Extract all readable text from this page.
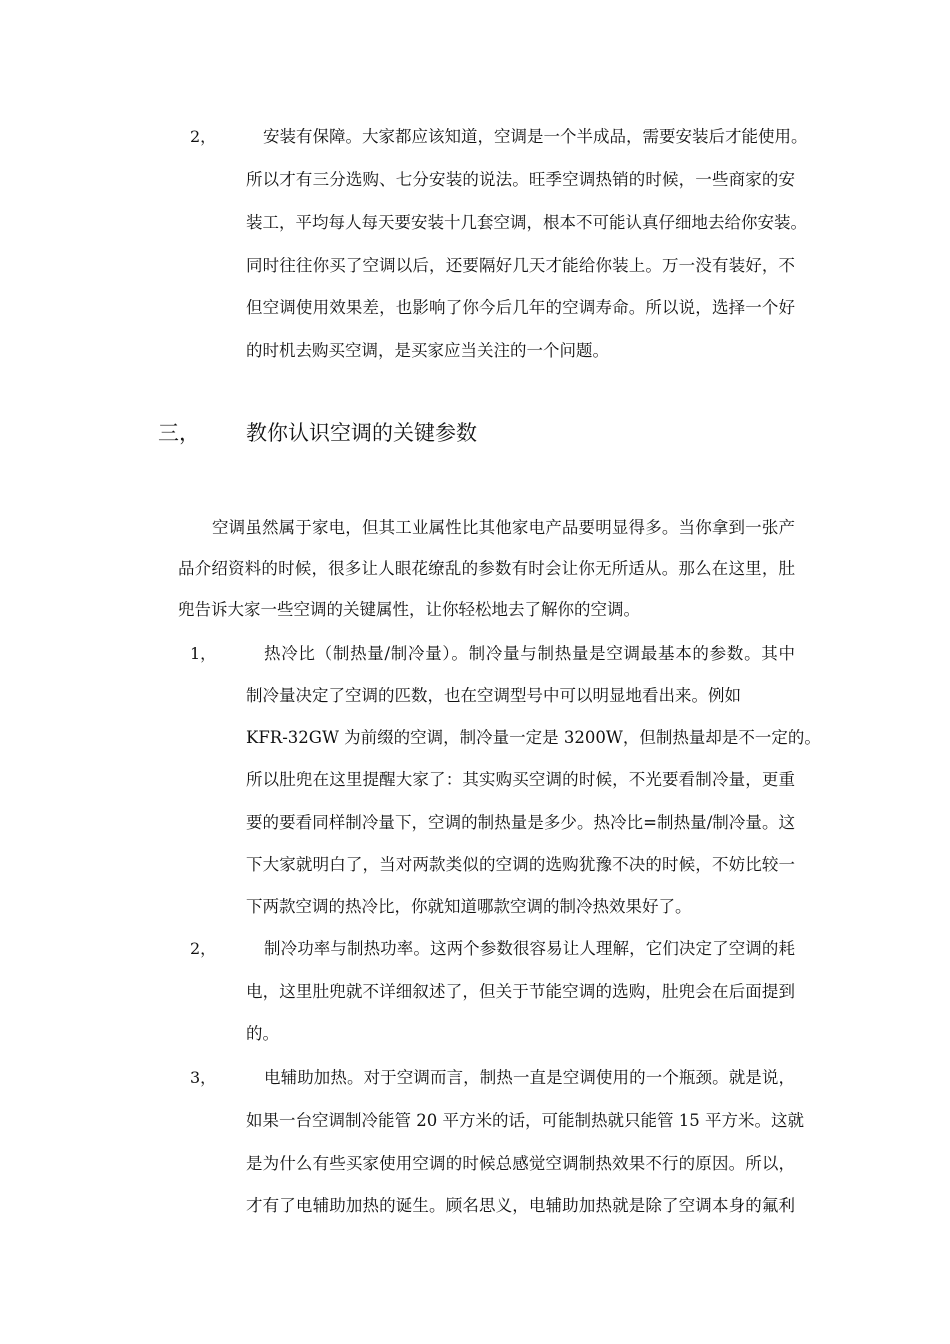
2，	安装有保障。大家都应该知道，空调是一个半成品，需要安装后才能使用。
所以才有三分选购、七分安装的说法。旺季空调热销的时候，一些商家的安
装工，平均每人每天要安装十几套空调，根本不可能认真仔细地去给你安装。
同时往往你买了空调以后，还要隔好几天才能给你装上。万一没有装好，不
但空调使用效果差，也影响了你今后几年的空调寿命。所以说，选择一个好
的时机去购买空调，是买家应当关注的一个问题。
三， 教你认识空调的关键参数
空调虽然属于家电，但其工业属性比其他家电产品要明显得多。当你拿到一张产
品介绍资料的时候，很多让人眼花缭乱的参数有时会让你无所适从。那么在这里，肚
兜告诉大家一些空调的关键属性，让你轻松地去了解你的空调。
1，	热冷比（制热量/制冷量）。制冷量与制热量是空调最基本的参数。其中
制冷量决定了空调的匹数，也在空调型号中可以明显地看出来。例如
KFR-32GW 为前缀的空调，制冷量一定是 3200W，但制热量却是不一定的。
所以肚兜在这里提醒大家了：其实购买空调的时候，不光要看制冷量，更重
要的要看同样制冷量下，空调的制热量是多少。热冷比=制热量/制冷量。这
下大家就明白了，当对两款类似的空调的选购犹豫不决的时候，不妨比较一
下两款空调的热冷比，你就知道哪款空调的制冷热效果好了。
2，	制冷功率与制热功率。这两个参数很容易让人理解，它们决定了空调的耗
电，这里肚兜就不详细叙述了，但关于节能空调的选购，肚兜会在后面提到
的。
3，	电辅助加热。对于空调而言，制热一直是空调使用的一个瓶颈。就是说，
如果一台空调制冷能管 20 平方米的话，可能制热就只能管 15 平方米。这就
是为什么有些买家使用空调的时候总感觉空调制热效果不行的原因。所以，
才有了电辅助加热的诞生。顾名思义，电辅助加热就是除了空调本身的氟利
